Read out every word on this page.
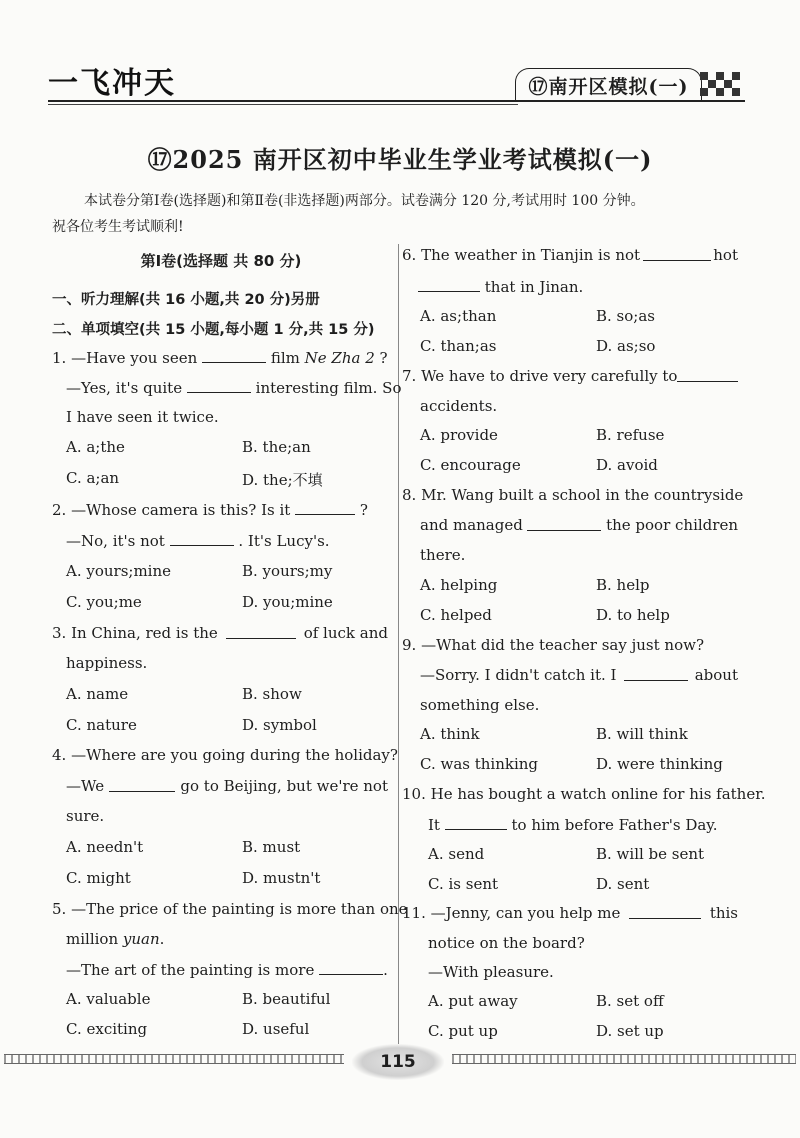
一飞冲天	⑰南开区模拟(一)
⑰2025 南开区初中毕业生学业考试模拟(一)

本试卷分第Ⅰ卷(选择题)和第Ⅱ卷(非选择题)两部分。试卷满分 120 分,考试用时 100 分钟。

祝各位考生考试顺利!

第Ⅰ卷(选择题 共 80 分)
一、听力理解(共 16 小题,共 20 分)另册
二、单项填空(共 15 小题,每小题 1 分,共 15 分)
1. —Have you seen	film Ne Zha 2 ?
—Yes, it's quite	interesting film. So
I have seen it twice.
A. a;the	B. the;an
C. a;an	D. the;不填
2. —Whose camera is this? Is it	?
—No, it's not	. It's Lucy's.
A. yours;mine	B. yours;my
C. you;me	D. you;mine
3. In China, red is the	of luck and
happiness.
A. name	B. show
C. nature	D. symbol
4. —Where are you going during the holiday?
—We	go to Beijing, but we're not
sure.
A. needn't	B. must
C. might	D. mustn't
5. —The price of the painting is more than one
million yuan.
—The art of the painting is more	.
A. valuable	B. beautiful
C. exciting	D. useful
6. The weather in Tianjin is not	hot
that in Jinan.
A. as;than	B. so;as
C. than;as	D. as;so
7. We have to drive very carefully to
accidents.
A. provide	B. refuse
C. encourage	D. avoid
8. Mr. Wang built a school in the countryside
and managed	the poor children
there.
A. helping	B. help
C. helped	D. to help
9. —What did the teacher say just now?
—Sorry. I didn't catch it. I	about
something else.
A. think	B. will think
C. was thinking	D. were thinking
10. He has bought a watch online for his father.
It	to him before Father's Day.
A. send	B. will be sent
C. is sent	D. sent
11. —Jenny, can you help me	this
notice on the board?
—With pleasure.
A. put away	B. set off
C. put up	D. set up
115
